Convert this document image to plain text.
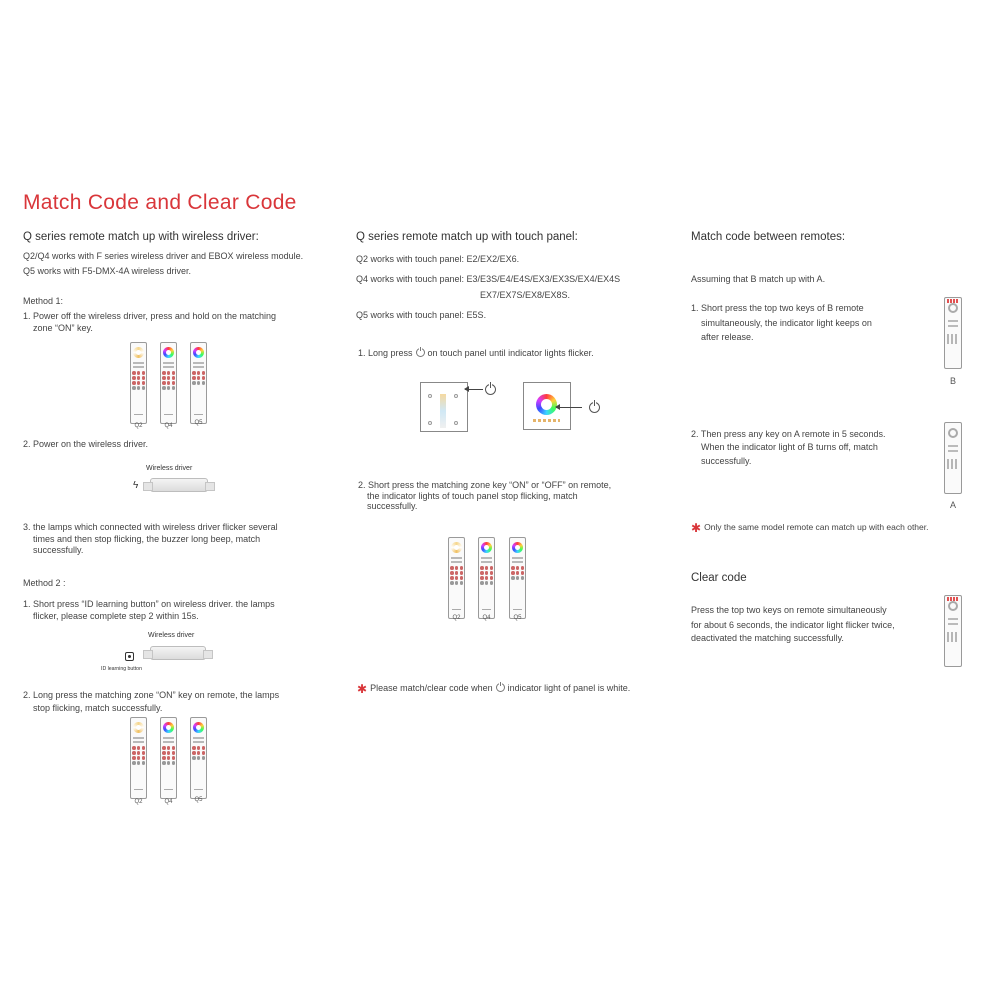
Match Code and Clear Code
Q series remote match up with wireless driver:
Q2/Q4 works with F series wireless driver and EBOX wireless module.
Q5 works with F5-DMX-4A wireless driver.
Method 1:
1. Power off the wireless driver, press and hold on the matching
zone “ON” key.
Q2	Q4	Q5
2. Power on the wireless driver.
Wireless driver
ϟ
3. the lamps which connected with wireless driver flicker several
times and then stop flicking, the buzzer long beep, match
successfully.
Method 2 :
1. Short press “ID learning button” on wireless driver. the lamps
flicker, please complete step 2 within 15s.
Wireless driver
ID learning button
2. Long press the matching zone “ON” key on remote, the lamps
stop flicking, match successfully.
Q2	Q4	Q5
Q series remote match up with touch panel:
Q2 works with touch panel: E2/EX2/EX6.
Q4 works with touch panel: E3/E3S/E4/E4S/EX3/EX3S/EX4/EX4S
EX7/EX7S/EX8/EX8S.
Q5 works with touch panel: E5S.
1. Long press on touch panel until indicator lights flicker.
2. Short press the matching zone key “ON” or “OFF” on remote,
the indicator lights of touch panel stop flicking, match
successfully.
Q2	Q4	Q5
✱ Please match/clear code when indicator light of panel is white.
Match code between remotes:
Assuming that B match up with A.
1. Short press the top two keys of B remote
simultaneously, the indicator light keeps on
after release.
B
2. Then press any key on A remote in 5 seconds.
When the indicator light of B turns off, match
successfully.
A
✱ Only the same model remote can match up with each other.
Clear code
Press the top two keys on remote simultaneously
for about 6 seconds, the indicator light flicker twice,
deactivated the matching successfully.
